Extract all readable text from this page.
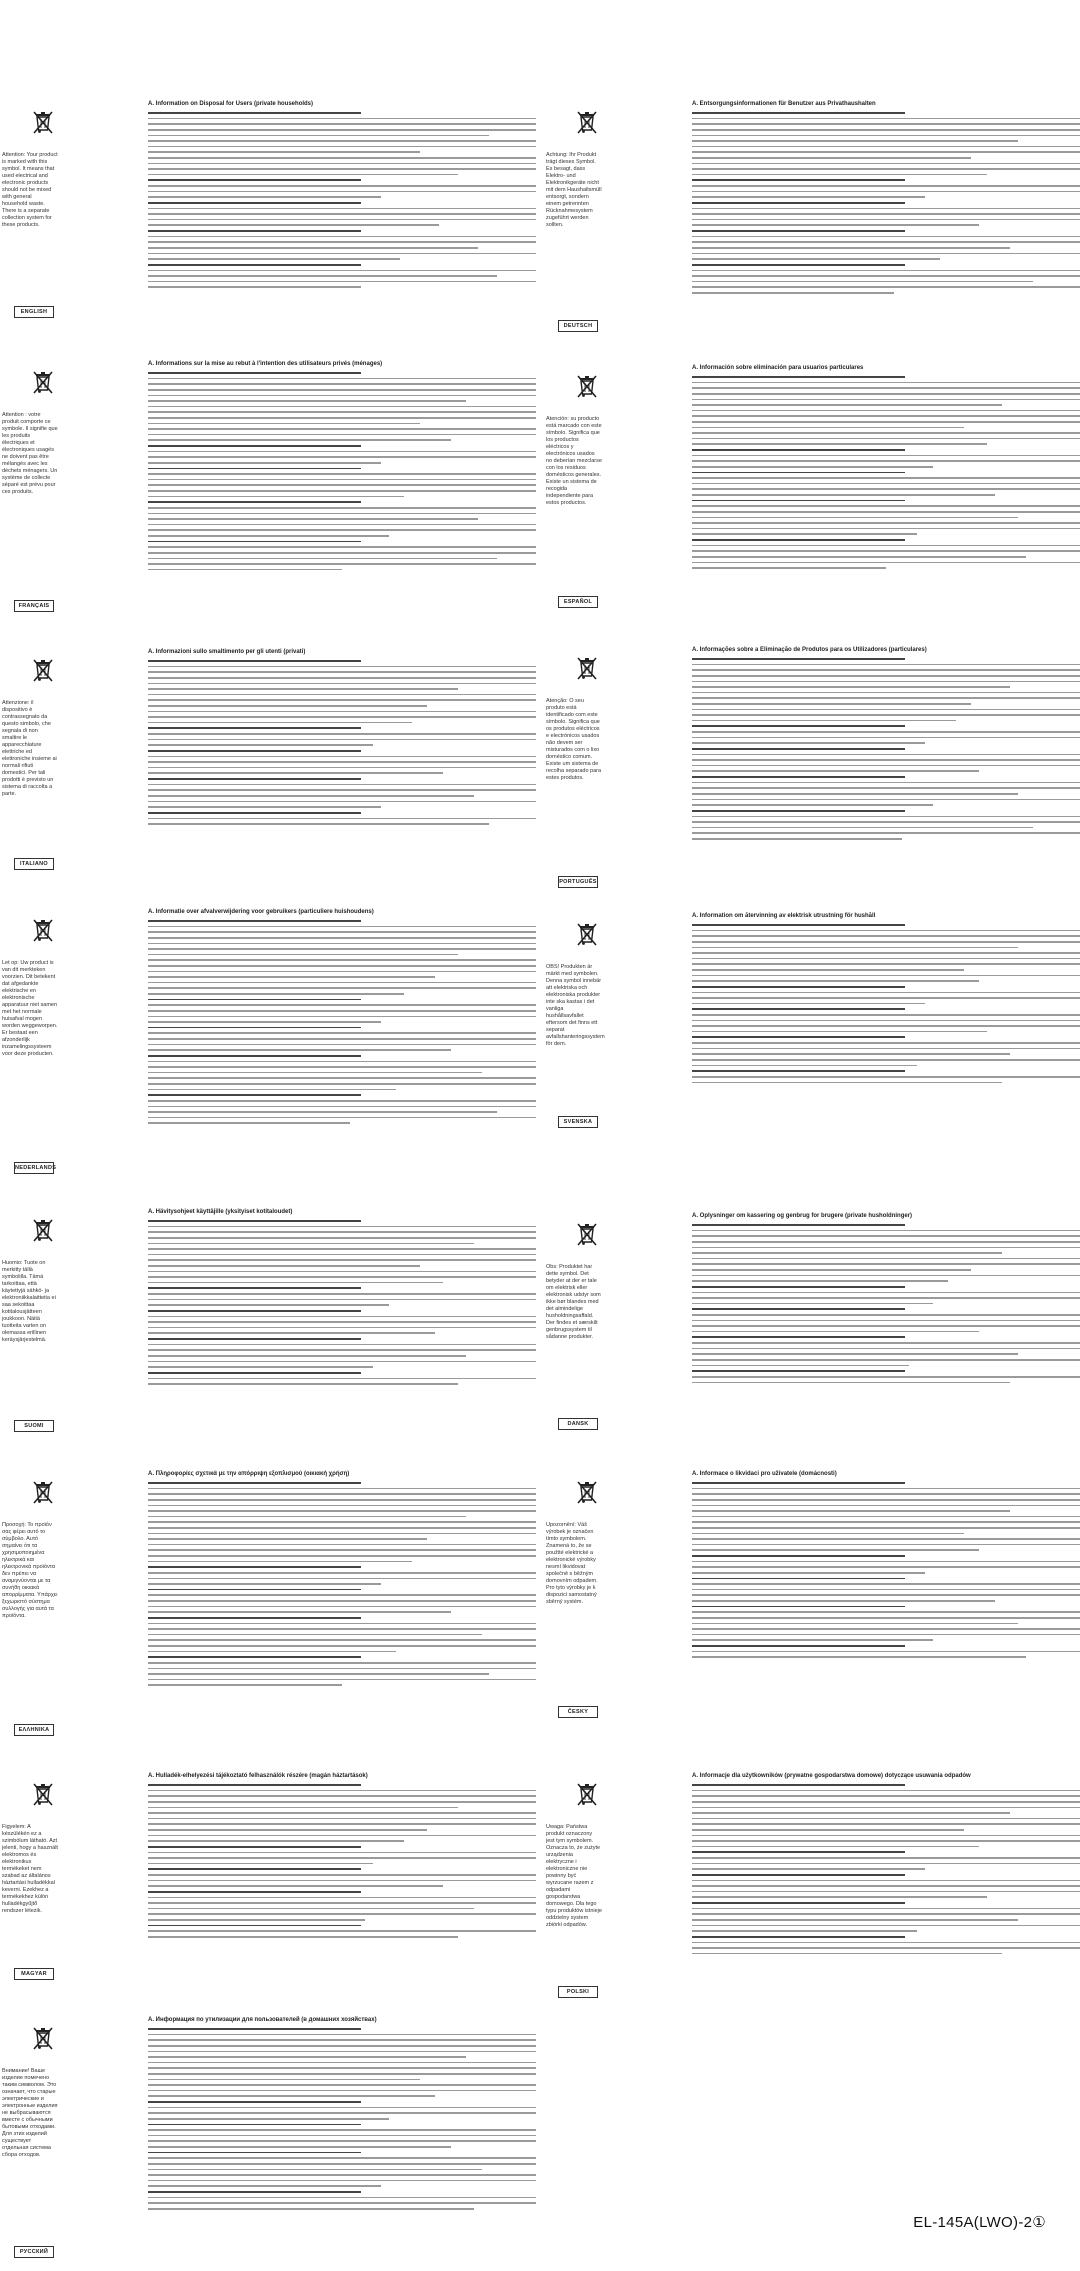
Attention: Your product is marked with this symbol. It means that used electrical and electronic products should not be mixed with general household waste. There is a separate collection system for these products.
ENGLISH
A. Information on Disposal for Users (private households)
Attention : votre produit comporte ce symbole. Il signifie que les produits électriques et électroniques usagés ne doivent pas être mélangés avec les déchets ménagers. Un système de collecte séparé est prévu pour ces produits.
FRANÇAIS
A. Informations sur la mise au rebut à l'intention des utilisateurs privés (ménages)
Attenzione: il dispositivo è contrassegnato da questo simbolo, che segnala di non smaltire le apparecchiature elettriche ed elettroniche insieme ai normali rifiuti domestici. Per tali prodotti è previsto un sistema di raccolta a parte.
ITALIANO
A. Informazioni sullo smaltimento per gli utenti (privati)
Let op: Uw product is van dit merkteken voorzien. Dit betekent dat afgedankte elektrische en elektronische apparatuur niet samen met het normale huisafval mogen worden weggeworpen. Er bestaat een afzonderlijk inzamelingssysteem voor deze producten.
NEDERLANDS
A. Informatie over afvalverwijdering voor gebruikers (particuliere huishoudens)
Huomio: Tuote on merkitty tällä symbolilla. Tämä tarkoittaa, että käytettyjä sähkö- ja elektroniikkalaitteita ei saa sekoittaa kotitalousjätteen joukkoon. Näitä tuotteita varten on olemassa erillinen keräysjärjestelmä.
SUOMI
A. Hävitysohjeet käyttäjille (yksityiset kotitaloudet)
Προσοχή: Το προϊόν σας φέρει αυτό το σύμβολο. Αυτό σημαίνει ότι τα χρησιμοποιημένα ηλεκτρικά και ηλεκτρονικά προϊόντα δεν πρέπει να αναμιγνύονται με τα συνήθη οικιακά απορρίμματα. Υπάρχει ξεχωριστό σύστημα συλλογής για αυτά τα προϊόντα.
ΕΛΛΗΝΙΚΑ
A. Πληροφορίες σχετικά με την απόρριψη εξοπλισμού (οικιακή χρήση)
Figyelem: A készülékén ez a szimbólum látható. Azt jelenti, hogy a használt elektromos és elektronikus termékeket nem szabad az általános háztartási hulladékkal keverni. Ezekhez a termékekhez külön hulladékgyűjtő rendszer létezik.
MAGYAR
A. Hulladék-elhelyezési tájékoztató felhasználók részére (magán háztartások)
Внимание! Ваше изделие помечено таким символом. Это означает, что старые электрические и электронные изделия не выбрасываются вместе с обычными бытовыми отходами. Для этих изделий существует отдельная система сбора отходов.
РУССКИЙ
A. Информация по утилизации для пользователей (в домашних хозяйствах)
Achtung: Ihr Produkt trägt dieses Symbol. Es besagt, dass Elektro- und Elektronikgeräte nicht mit dem Haushaltsmüll entsorgt, sondern einem getrennten Rücknahmesystem zugeführt werden sollten.
DEUTSCH
A. Entsorgungsinformationen für Benutzer aus Privathaushalten
Atención: su producto está marcado con este símbolo. Significa que los productos eléctricos y electrónicos usados no deberían mezclarse con los residuos domésticos generales. Existe un sistema de recogida independiente para estos productos.
ESPAÑOL
A. Información sobre eliminación para usuarios particulares
Atenção: O seu produto está identificado com este símbolo. Significa que os produtos eléctricos e electrónicos usados não devem ser misturados com o lixo doméstico comum. Existe um sistema de recolha separado para estes produtos.
PORTUGUÊS
A. Informações sobre a Eliminação de Produtos para os Utilizadores (particulares)
OBS! Produkten är märkt med symbolen. Denna symbol innebär att elektriska och elektroniska produkter inte ska kastas i det vanliga hushållsavfallet eftersom det finns ett separat avfallshanteringssystem för dem.
SVENSKA
A. Information om återvinning av elektrisk utrustning för hushåll
Obs: Produktet har dette symbol. Det betyder at der er tale om elektrisk eller elektronisk udstyr som ikke bør blandes med det almindelige husholdningsaffald. Der findes et særskilt genbrugssystem til sådanne produkter.
DANSK
A. Oplysninger om kassering og genbrug for brugere (private husholdninger)
Upozornění: Váš výrobek je označen tímto symbolem. Znamená to, že se použité elektrické a elektronické výrobky nesmí likvidovat společně s běžným domovním odpadem. Pro tyto výrobky je k dispozici samostatný sběrný systém.
ČESKY
A. Informace o likvidaci pro uživatele (domácnosti)
Uwaga: Państwa produkt oznaczony jest tym symbolem. Oznacza to, że zużyte urządzenia elektryczne i elektroniczne nie powinny być wyrzucane razem z odpadami gospodarstwa domowego. Dla tego typu produktów istnieje oddzielny system zbiórki odpadów.
POLSKI
A. Informacje dla użytkowników (prywatne gospodarstwa domowe) dotyczące usuwania odpadów
EL-145A(LWO)-2①
